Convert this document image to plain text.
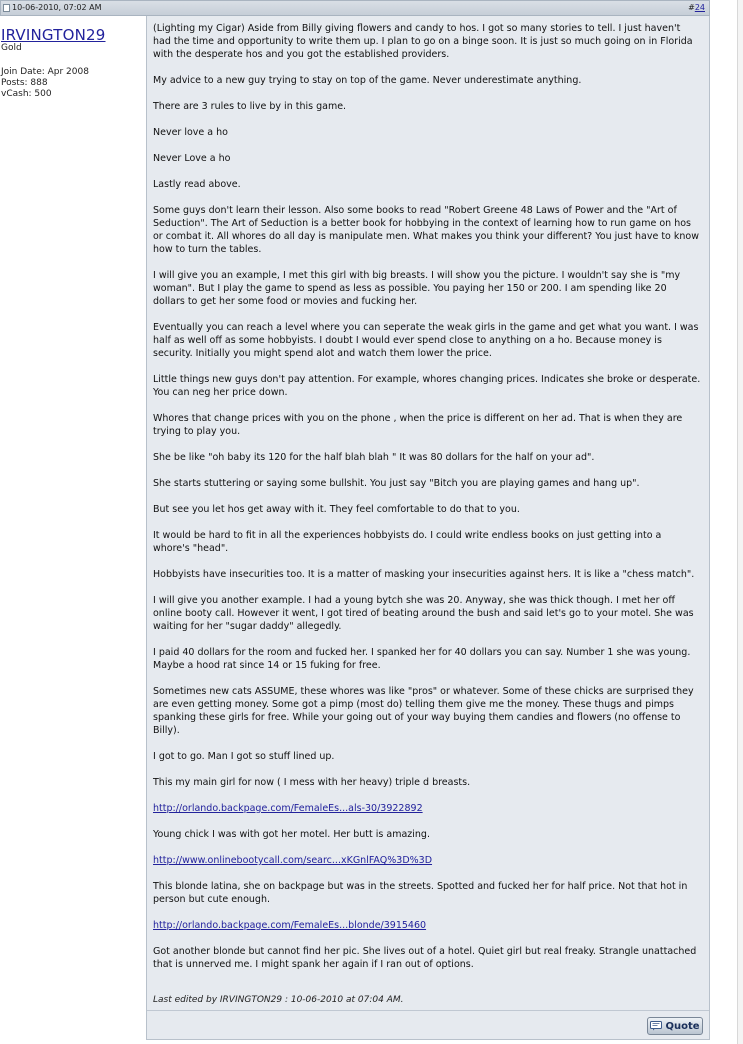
10-06-2010, 07:02 AM	#24
IRVINGTON29
Gold
Join Date: Apr 2008
Posts: 888
vCash: 500

(Lighting my Cigar) Aside from Billy giving flowers and candy to hos. I got so many stories to tell. I just haven't had the time and opportunity to write them up. I plan to go on a binge soon. It is just so much going on in Florida with the desperate hos and you got the established providers.

My advice to a new guy trying to stay on top of the game. Never underestimate anything.

There are 3 rules to live by in this game.

Never love a ho

Never Love a ho

Lastly read above.

Some guys don't learn their lesson. Also some books to read "Robert Greene 48 Laws of Power and the "Art of Seduction". The Art of Seduction is a better book for hobbying in the context of learning how to run game on hos or combat it. All whores do all day is manipulate men. What makes you think your different? You just have to know how to turn the tables.

I will give you an example, I met this girl with big breasts. I will show you the picture. I wouldn't say she is "my woman". But I play the game to spend as less as possible. You paying her 150 or 200. I am spending like 20 dollars to get her some food or movies and fucking her.

Eventually you can reach a level where you can seperate the weak girls in the game and get what you want. I was half as well off as some hobbyists. I doubt I would ever spend close to anything on a ho. Because money is security. Initially you might spend alot and watch them lower the price.

Little things new guys don't pay attention. For example, whores changing prices. Indicates she broke or desperate. You can neg her price down.

Whores that change prices with you on the phone , when the price is different on her ad. That is when they are trying to play you.

She be like "oh baby its 120 for the half blah blah " It was 80 dollars for the half on your ad".

She starts stuttering or saying some bullshit. You just say "Bitch you are playing games and hang up".

But see you let hos get away with it. They feel comfortable to do that to you.

It would be hard to fit in all the experiences hobbyists do. I could write endless books on just getting into a whore's "head".

Hobbyists have insecurities too. It is a matter of masking your insecurities against hers. It is like a "chess match".

I will give you another example. I had a young bytch she was 20. Anyway, she was thick though. I met her off online booty call. However it went, I got tired of beating around the bush and said let's go to your motel. She was waiting for her "sugar daddy" allegedly.

I paid 40 dollars for the room and fucked her. I spanked her for 40 dollars you can say. Number 1 she was young. Maybe a hood rat since 14 or 15 fuking for free.

Sometimes new cats ASSUME, these whores was like "pros" or whatever. Some of these chicks are surprised they are even getting money. Some got a pimp (most do) telling them give me the money. These thugs and pimps spanking these girls for free. While your going out of your way buying them candies and flowers (no offense to Billy).

I got to go. Man I got so stuff lined up.

This my main girl for now ( I mess with her heavy) triple d breasts.

http://orlando.backpage.com/FemaleEs...als-30/3922892

Young chick I was with got her motel. Her butt is amazing.

http://www.onlinebootycall.com/searc...xKGnlFAQ%3D%3D

This blonde latina, she on backpage but was in the streets. Spotted and fucked her for half price. Not that hot in person but cute enough.

http://orlando.backpage.com/FemaleEs...blonde/3915460

Got another blonde but cannot find her pic. She lives out of a hotel. Quiet girl but real freaky. Strangle unattached that is unnerved me. I might spank her again if I ran out of options.

Last edited by IRVINGTON29 : 10-06-2010 at 07:04 AM.
Quote
